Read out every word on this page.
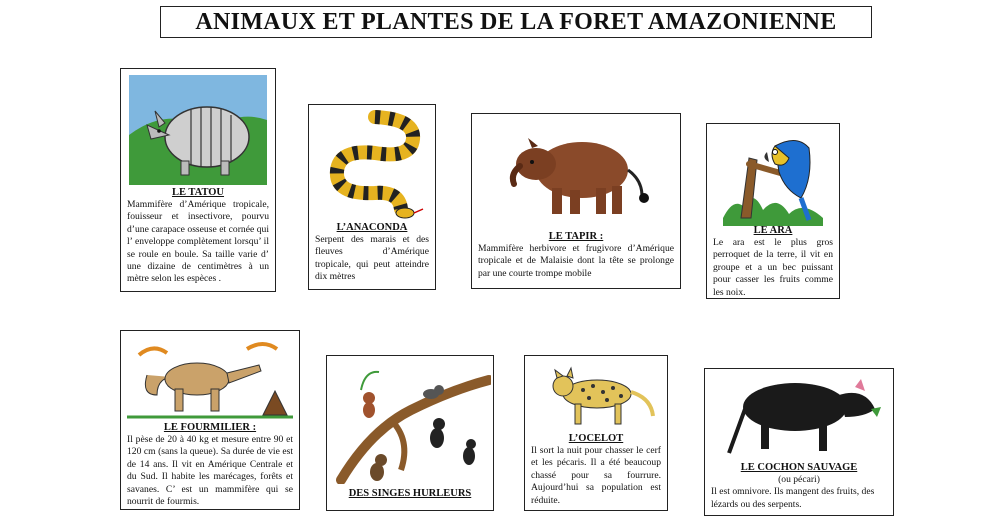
ANIMAUX ET PLANTES DE LA FORET AMAZONIENNE
LE TATOU

Mammifère d’Amérique tropicale, fouisseur et insectivore, pourvu d’une carapace osseuse et cornée qui l’ enveloppe complètement lorsqu’ il se roule en boule. Sa taille varie d’ une dizaine de centimètres à un mètre selon les espèces .

L’ANACONDA

Serpent des marais et des fleuves d’Amérique tropicale, qui peut atteindre dix mètres

LE TAPIR :

Mammifère herbivore et frugivore d’Amérique tropicale et de Malaisie dont la tête se prolonge par une courte trompe mobile

LE ARA

Le ara est le plus gros perroquet de la terre, il vit en groupe et a un bec puissant pour casser les fruits comme les noix.

LE FOURMILIER :

Il pèse de 20 à 40 kg et mesure entre 90 et 120 cm (sans la queue). Sa durée de vie est de 14 ans. Il vit en Amérique Centrale et du Sud. Il habite les marécages, forêts et savanes. C’ est un mammifère qui se nourrit de fourmis.

DES SINGES HURLEURS
L’OCELOT

Il sort la nuit pour chasser le cerf et les pécaris. Il a été beaucoup chassé pour sa fourrure. Aujourd’hui sa population est réduite.

LE COCHON SAUVAGE
(ou pécari)

Il est omnivore. Ils mangent des fruits, des lézards ou des serpents.
